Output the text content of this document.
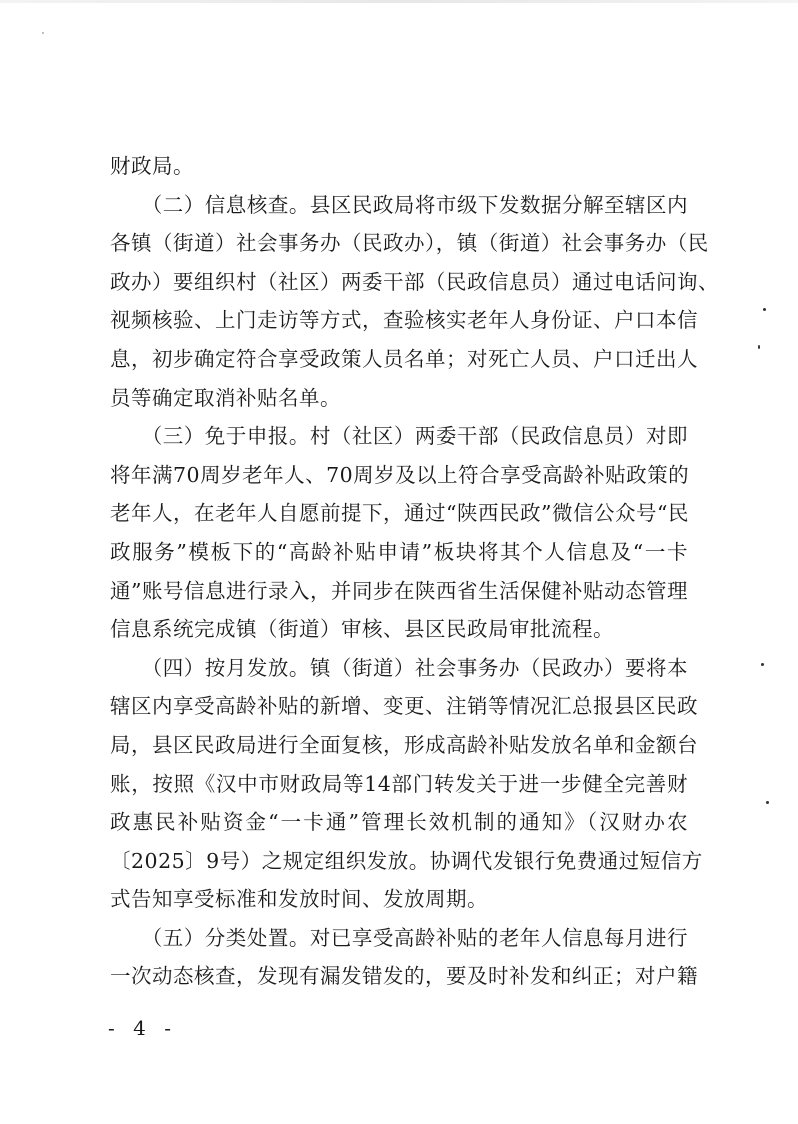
财政局。
　　（二）信息核查。县区民政局将市级下发数据分解至辖区内
各镇（街道）社会事务办（民政办），镇（街道）社会事务办（民
政办）要组织村（社区）两委干部（民政信息员）通过电话问询、
视频核验、上门走访等方式，查验核实老年人身份证、户口本信
息，初步确定符合享受政策人员名单；对死亡人员、户口迁出人
员等确定取消补贴名单。
　　（三）免于申报。村（社区）两委干部（民政信息员）对即
将年满70周岁老年人、70周岁及以上符合享受高龄补贴政策的
老年人，在老年人自愿前提下，通过“陕西民政”微信公众号“民
政服务”模板下的“高龄补贴申请”板块将其个人信息及“一卡
通”账号信息进行录入，并同步在陕西省生活保健补贴动态管理
信息系统完成镇（街道）审核、县区民政局审批流程。
　　（四）按月发放。镇（街道）社会事务办（民政办）要将本
辖区内享受高龄补贴的新增、变更、注销等情况汇总报县区民政
局，县区民政局进行全面复核，形成高龄补贴发放名单和金额台
账，按照《汉中市财政局等14部门转发关于进一步健全完善财
政惠民补贴资金“一卡通”管理长效机制的通知》（汉财办农
〔2025〕9号）之规定组织发放。协调代发银行免费通过短信方
式告知享受标准和发放时间、发放周期。
　　（五）分类处置。对已享受高龄补贴的老年人信息每月进行
一次动态核查，发现有漏发错发的，要及时补发和纠正；对户籍
- 4 -
